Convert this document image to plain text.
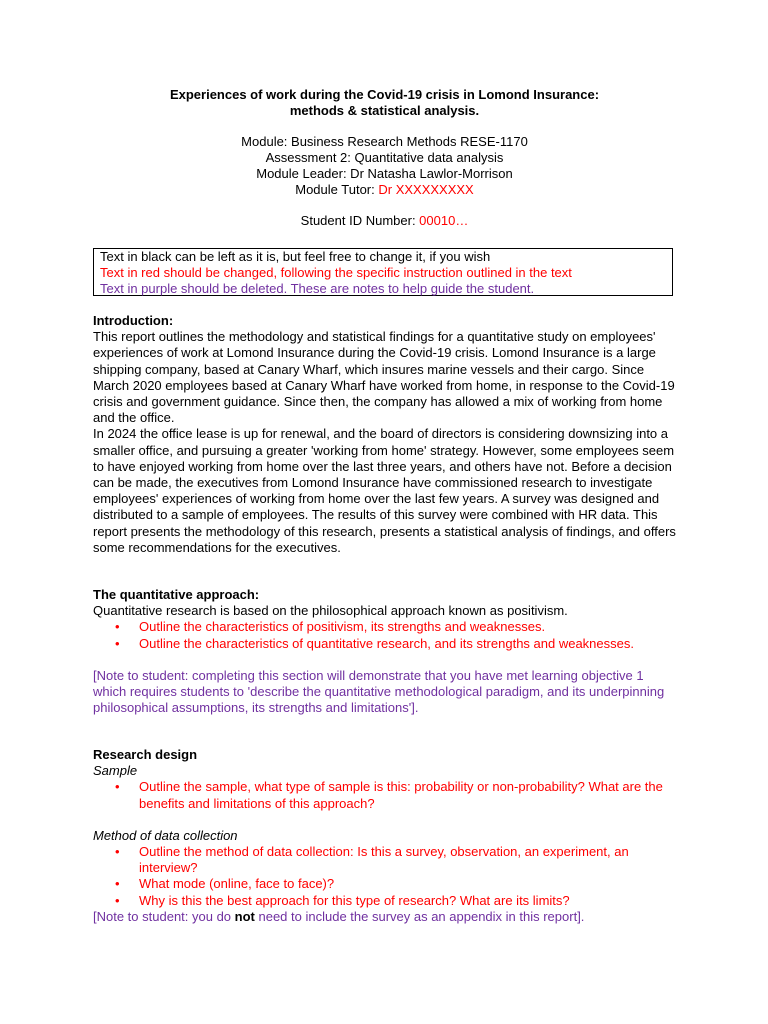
Experiences of work during the Covid-19 crisis in Lomond Insurance:
methods & statistical analysis.
Module: Business Research Methods RESE-1170
Assessment 2: Quantitative data analysis
Module Leader: Dr Natasha Lawlor-Morrison
Module Tutor: Dr XXXXXXXXX
Student ID Number: 00010…
Text in black can be left as it is, but feel free to change it, if you wish
Text in red should be changed, following the specific instruction outlined in the text
Text in purple should be deleted. These are notes to help guide the student.

Introduction:

This report outlines the methodology and statistical findings for a quantitative study on employees' experiences of work at Lomond Insurance during the Covid-19 crisis. Lomond Insurance is a large shipping company, based at Canary Wharf, which insures marine vessels and their cargo. Since March 2020 employees based at Canary Wharf have worked from home, in response to the Covid-19 crisis and government guidance. Since then, the company has allowed a mix of working from home and the office.

In 2024 the office lease is up for renewal, and the board of directors is considering downsizing into a smaller office, and pursuing a greater 'working from home' strategy. However, some employees seem to have enjoyed working from home over the last three years, and others have not. Before a decision can be made, the executives from Lomond Insurance have commissioned research to investigate employees' experiences of working from home over the last few years. A survey was designed and distributed to a sample of employees. The results of this survey were combined with HR data. This report presents the methodology of this research, presents a statistical analysis of findings, and offers some recommendations for the executives.

The quantitative approach:

Quantitative research is based on the philosophical approach known as positivism.

• Outline the characteristics of positivism, its strengths and weaknesses.
• Outline the characteristics of quantitative research, and its strengths and weaknesses.

[Note to student: completing this section will demonstrate that you have met learning objective 1 which requires students to 'describe the quantitative methodological paradigm, and its underpinning philosophical assumptions, its strengths and limitations'].

Research design

Sample

• Outline the sample, what type of sample is this: probability or non-probability? What are the benefits and limitations of this approach?

Method of data collection

• Outline the method of data collection: Is this a survey, observation, an experiment, an interview?
• What mode (online, face to face)?
• Why is this the best approach for this type of research? What are its limits?

[Note to student: you do not need to include the survey as an appendix in this report].
